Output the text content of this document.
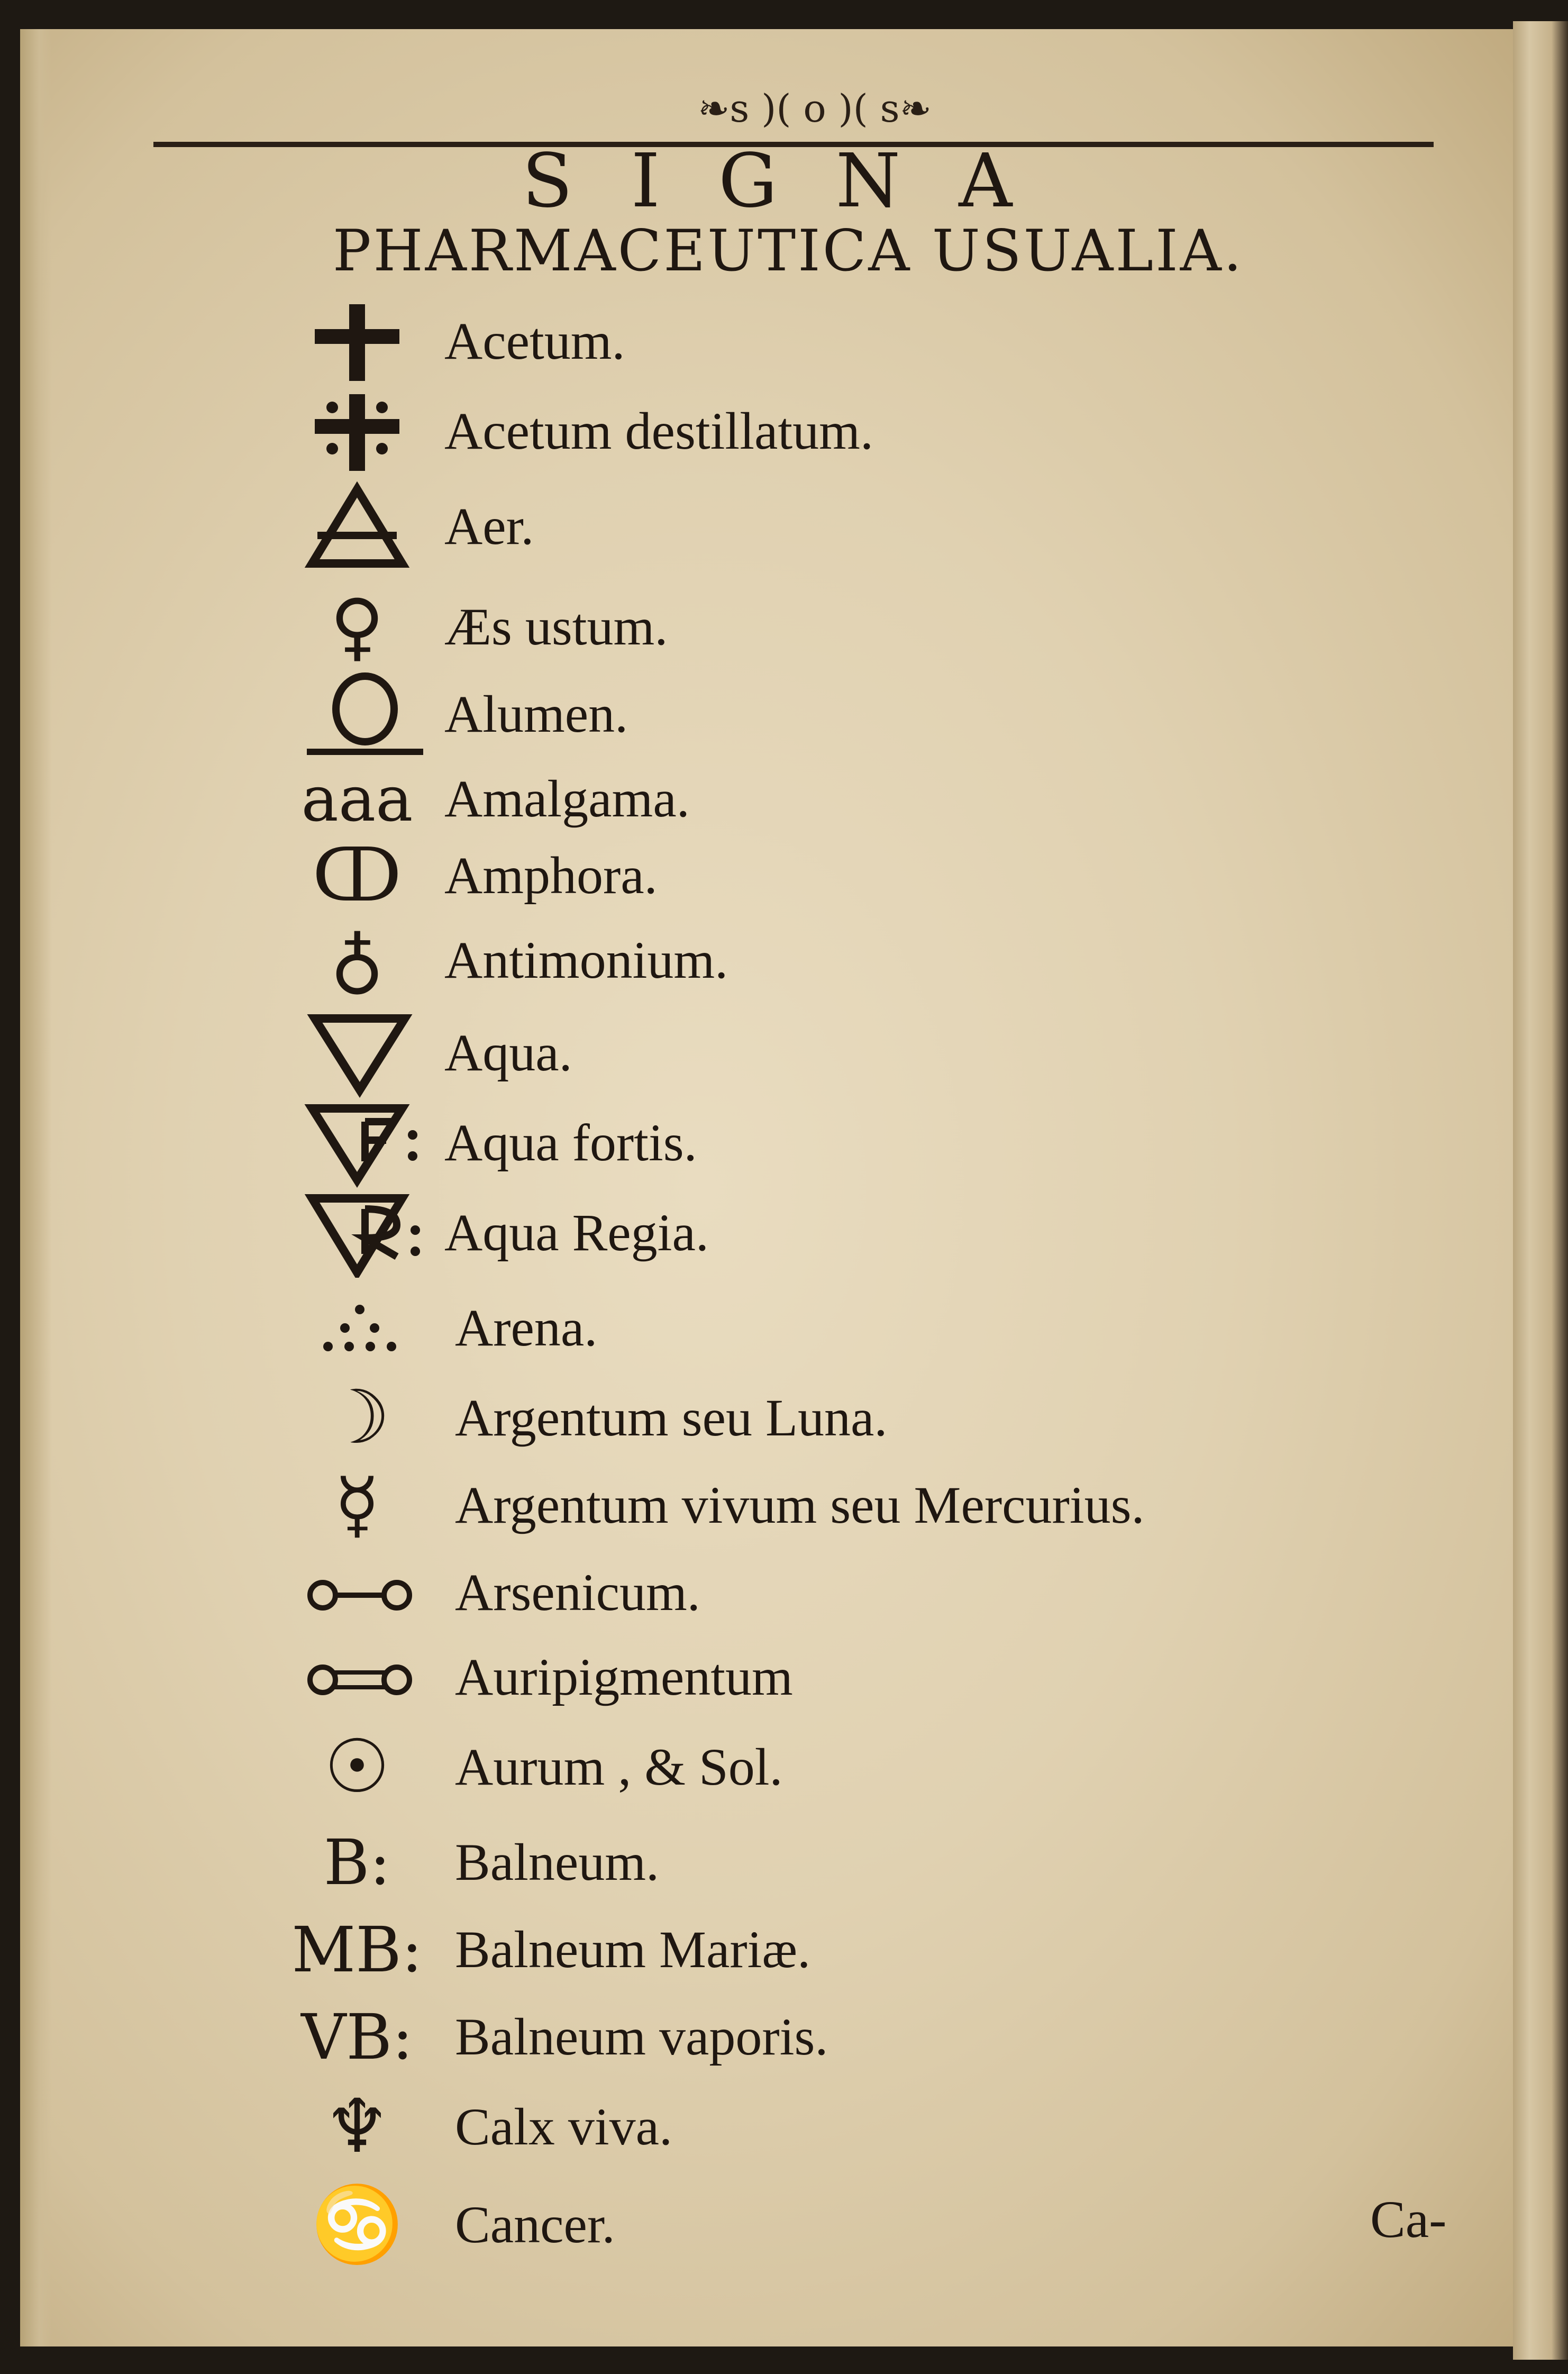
❧s )( o )( s❧
SIGNA
PHARMACEUTICA USUALIA.
Acetum.
Acetum destillatum.
Aer.
♀	Æs ustum.
Alumen.
aaa Amalgama.
ↀ Amphora.
♁	Antimonium.
Aqua.
Aqua fortis.
Aqua Regia.
Arena.
☽	Argentum seu Luna.
☿	Argentum vivum seu Mercurius.
Arsenicum.
Auripigmentum
☉	Aurum , & Sol.
B:	Balneum.
MB: Balneum Mariæ.
VB: Balneum vaporis.
♆	Calx viva.
♋ Cancer.	Ca-
